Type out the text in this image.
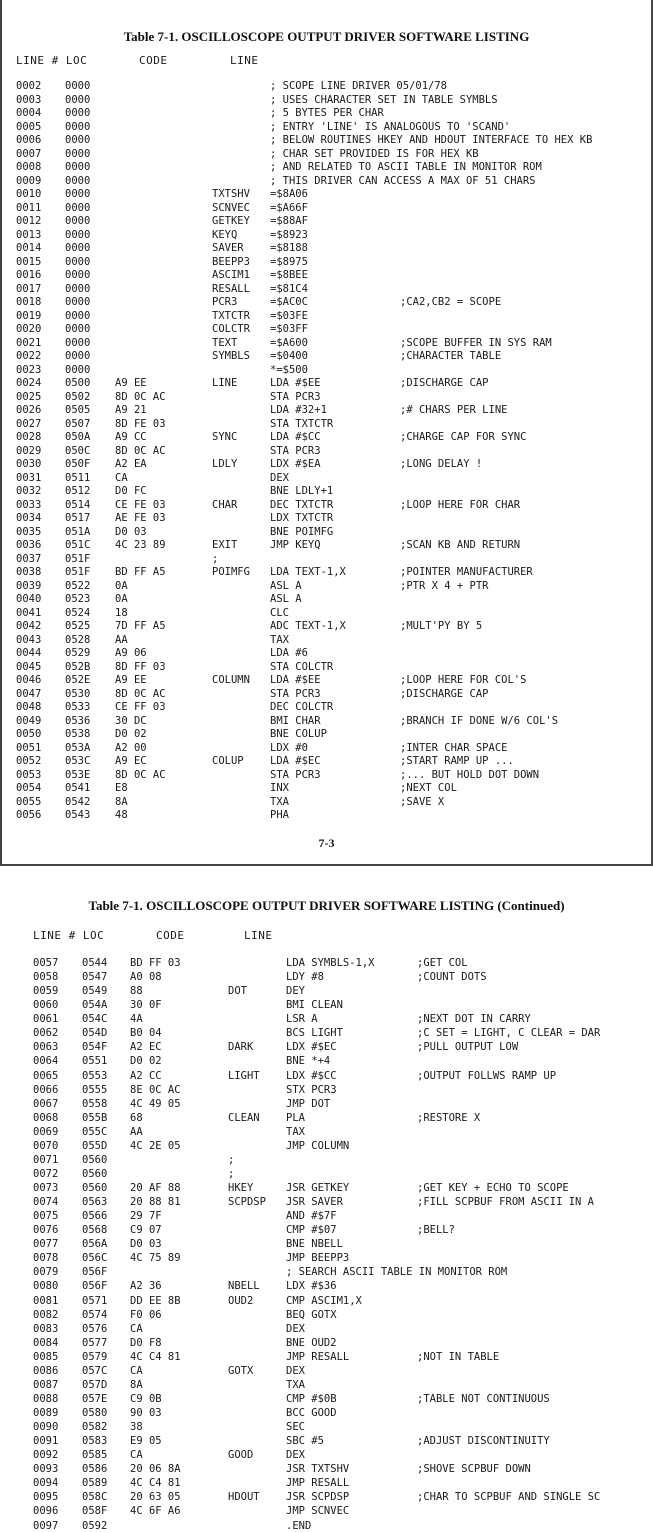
Table 7-1. OSCILLOSCOPE OUTPUT DRIVER SOFTWARE LISTING
LINE # LOC	CODE	LINE
0002 0000	; SCOPE LINE DRIVER 05/01/78
0003 0000	; USES CHARACTER SET IN TABLE SYMBLS
0004 0000	; 5 BYTES PER CHAR
0005 0000	; ENTRY 'LINE' IS ANALOGOUS TO 'SCAND'
0006 0000	; BELOW ROUTINES HKEY AND HDOUT INTERFACE TO HEX KB
0007 0000	; CHAR SET PROVIDED IS FOR HEX KB
0008 0000	; AND RELATED TO ASCII TABLE IN MONITOR ROM
0009 0000	; THIS DRIVER CAN ACCESS A MAX OF 51 CHARS
0010 0000	TXTSHV =$8A06
0011 0000	SCNVEC =$A66F
0012 0000	GETKEY =$88AF
0013 0000	KEYQ	=$8923
0014 0000	SAVER	=$8188
0015 0000	BEEPP3 =$8975
0016 0000	ASCIM1 =$8BEE
0017 0000	RESALL =$81C4
0018 0000	PCR3	=$AC0C	;CA2,CB2 = SCOPE
0019 0000	TXTCTR =$03FE
0020 0000	COLCTR =$03FF
0021 0000	TEXT	=$A600	;SCOPE BUFFER IN SYS RAM
0022 0000	SYMBLS =$0400	;CHARACTER TABLE
0023 0000	*=$500
0024 0500 A9 EE	LINE	LDA #$EE	;DISCHARGE CAP
0025 0502 8D 0C AC	STA PCR3
0026 0505 A9 21	LDA #32+1	;# CHARS PER LINE
0027 0507 8D FE 03	STA TXTCTR
0028 050A A9 CC	SYNC	LDA #$CC	;CHARGE CAP FOR SYNC
0029 050C 8D 0C AC	STA PCR3
0030 050F A2 EA	LDLY	LDX #$EA	;LONG DELAY !
0031 0511 CA	DEX
0032 0512 D0 FC	BNE LDLY+1
0033 0514 CE FE 03	CHAR	DEC TXTCTR	;LOOP HERE FOR CHAR
0034 0517 AE FE 03	LDX TXTCTR
0035 051A D0 03	BNE POIMFG
0036 051C 4C 23 89	EXIT	JMP KEYQ	;SCAN KB AND RETURN
0037 051F	;
0038 051F BD FF A5	POIMFG LDA TEXT-1,X	;POINTER MANUFACTURER
0039 0522 0A	ASL A	;PTR X 4 + PTR
0040 0523 0A	ASL A
0041 0524 18	CLC
0042 0525 7D FF A5	ADC TEXT-1,X	;MULT'PY BY 5
0043 0528 AA	TAX
0044 0529 A9 06	LDA #6
0045 052B 8D FF 03	STA COLCTR
0046 052E A9 EE	COLUMN LDA #$EE	;LOOP HERE FOR COL'S
0047 0530 8D 0C AC	STA PCR3	;DISCHARGE CAP
0048 0533 CE FF 03	DEC COLCTR
0049 0536 30 DC	BMI CHAR	;BRANCH IF DONE W/6 COL'S
0050 0538 D0 02	BNE COLUP
0051 053A A2 00	LDX #0	;INTER CHAR SPACE
0052 053C A9 EC	COLUP	LDA #$EC	;START RAMP UP ...
0053 053E 8D 0C AC	STA PCR3	;... BUT HOLD DOT DOWN
0054 0541 E8	INX	;NEXT COL
0055 0542 8A	TXA	;SAVE X
0056 0543 48	PHA
7-3
Table 7-1. OSCILLOSCOPE OUTPUT DRIVER SOFTWARE LISTING (Continued)
LINE # LOC	CODE	LINE
0057 0544 BD FF 03	LDA SYMBLS-1,X	;GET COL
0058 0547 A0 08	LDY #8	;COUNT DOTS
0059 0549 88	DOT	DEY
0060 054A 30 0F	BMI CLEAN
0061 054C 4A	LSR A	;NEXT DOT IN CARRY
0062 054D B0 04	BCS LIGHT	;C SET = LIGHT, C CLEAR = DAR
0063 054F A2 EC	DARK	LDX #$EC	;PULL OUTPUT LOW
0064 0551 D0 02	BNE *+4
0065 0553 A2 CC	LIGHT	LDX #$CC	;OUTPUT FOLLWS RAMP UP
0066 0555 8E 0C AC	STX PCR3
0067 0558 4C 49 05	JMP DOT
0068 055B 68	CLEAN	PLA	;RESTORE X
0069 055C AA	TAX
0070 055D 4C 2E 05	JMP COLUMN
0071 0560	;
0072 0560	;
0073 0560 20 AF 88	HKEY	JSR GETKEY	;GET KEY + ECHO TO SCOPE
0074 0563 20 88 81	SCPDSP JSR SAVER	;FILL SCPBUF FROM ASCII IN A
0075 0566 29 7F	AND #$7F
0076 0568 C9 07	CMP #$07	;BELL?
0077 056A D0 03	BNE NBELL
0078 056C 4C 75 89	JMP BEEPP3
0079 056F	; SEARCH ASCII TABLE IN MONITOR ROM
0080 056F A2 36	NBELL	LDX #$36
0081 0571 DD EE 8B	OUD2	CMP ASCIM1,X
0082 0574 F0 06	BEQ GOTX
0083 0576 CA	DEX
0084 0577 D0 F8	BNE OUD2
0085 0579 4C C4 81	JMP RESALL	;NOT IN TABLE
0086 057C CA	GOTX	DEX
0087 057D 8A	TXA
0088 057E C9 0B	CMP #$0B	;TABLE NOT CONTINUOUS
0089 0580 90 03	BCC GOOD
0090 0582 38	SEC
0091 0583 E9 05	SBC #5	;ADJUST DISCONTINUITY
0092 0585 CA	GOOD	DEX
0093 0586 20 06 8A	JSR TXTSHV	;SHOVE SCPBUF DOWN
0094 0589 4C C4 81	JMP RESALL
0095 058C 20 63 05	HDOUT	JSR SCPDSP	;CHAR TO SCPBUF AND SINGLE SC
0096 058F 4C 6F A6	JMP SCNVEC
0097 0592	.END
